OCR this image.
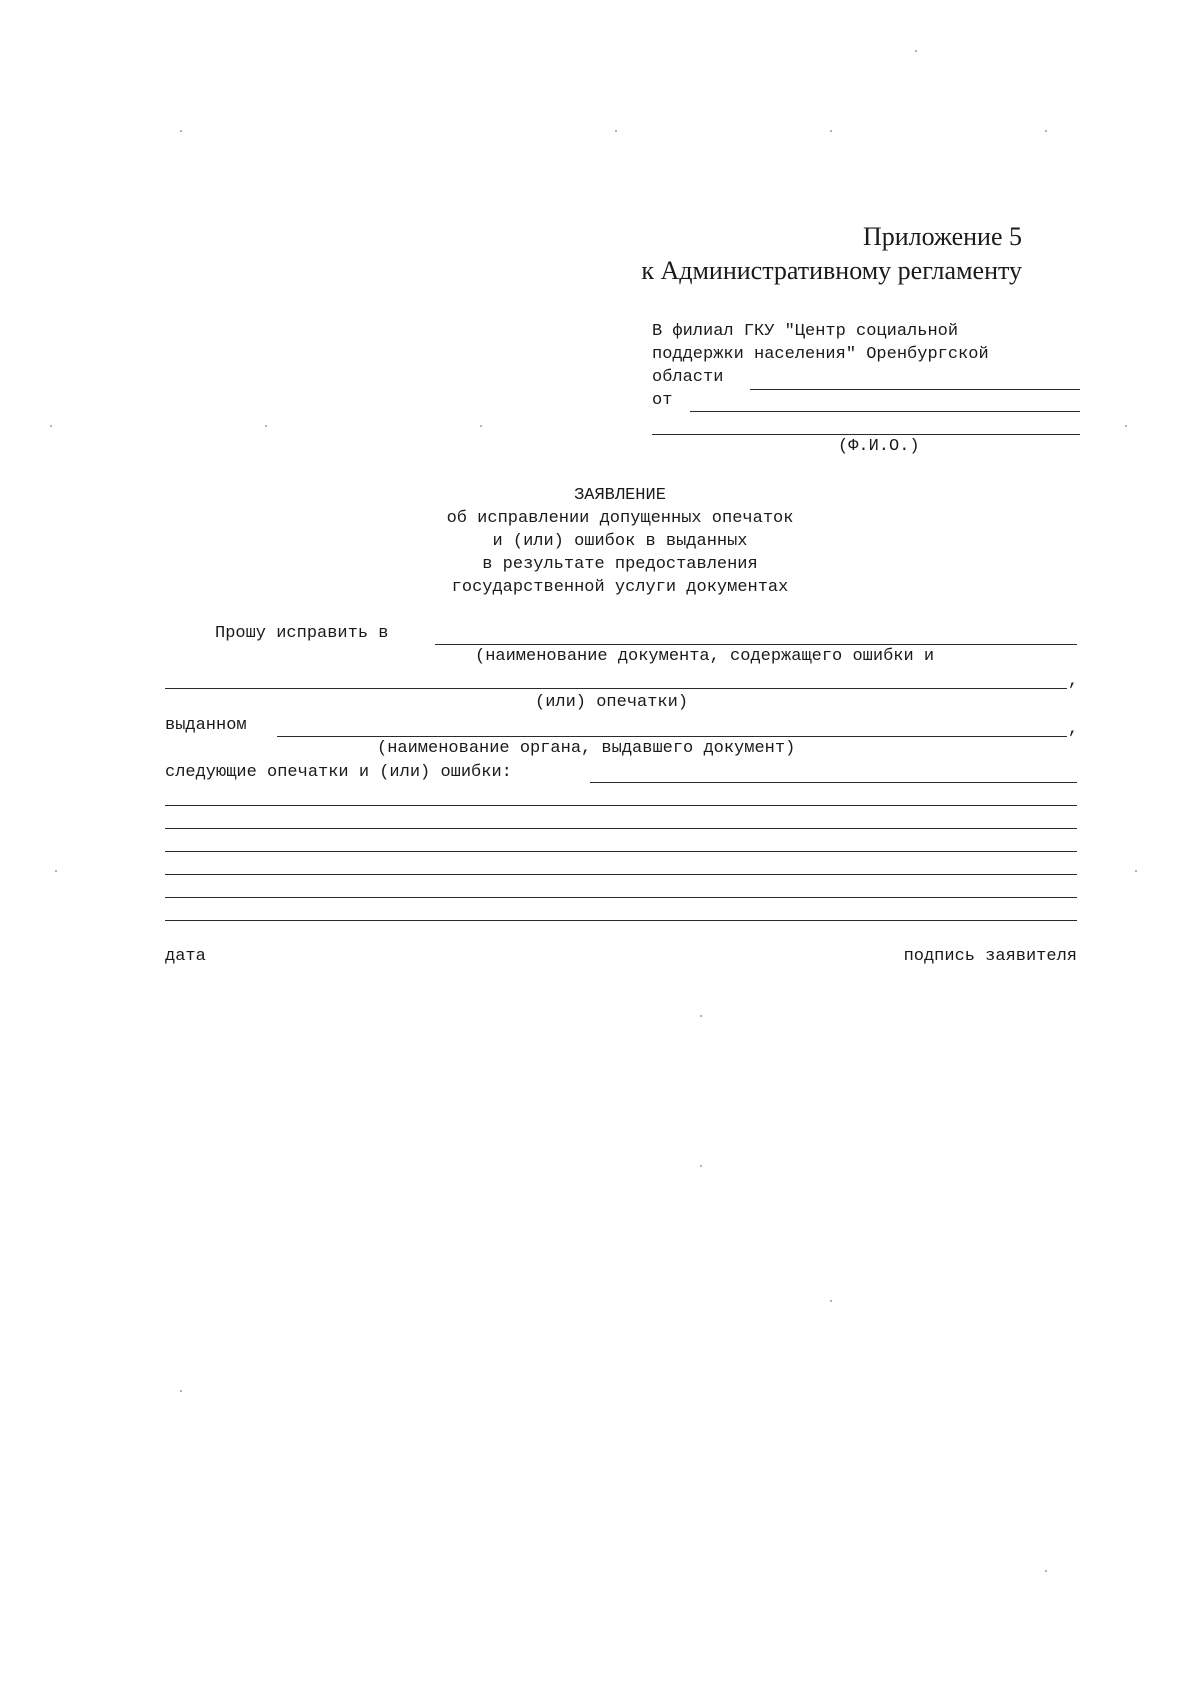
Приложение 5
к Административному регламенту
В филиал ГКУ "Центр социальной
поддержки населения" Оренбургской
области
от
(Ф.И.О.)
ЗАЯВЛЕНИЕ
об исправлении допущенных опечаток
и (или) ошибок в выданных
в результате предоставления
государственной услуги документах
Прошу исправить в
(наименование документа, содержащего ошибки и
,
(или) опечатки)
выданном	,
(наименование органа, выдавшего документ)
следующие опечатки и (или) ошибки:
дата	подпись заявителя
